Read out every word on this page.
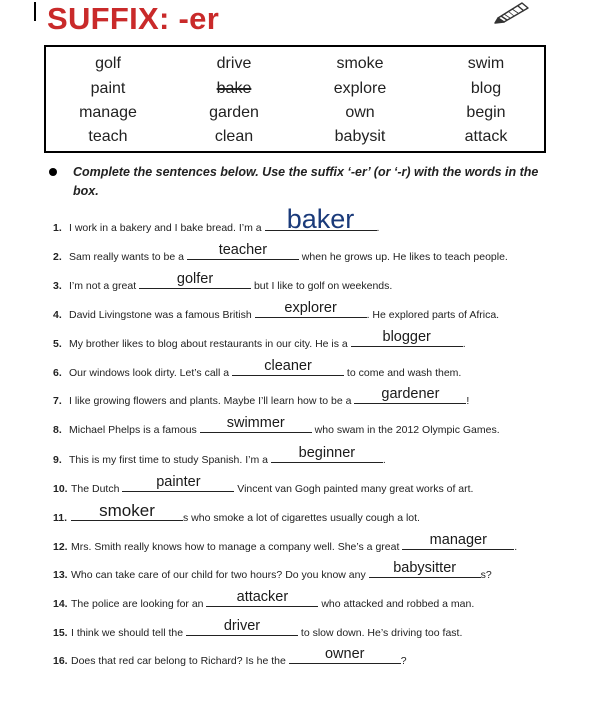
SUFFIX: -er
golf	drive	smoke	swim
paint	bake	explore	blog
manage	garden	own	begin
teach	clean	babysit	attack
Complete the sentences below. Use the suffix ‘-er’ (or ‘-r) with the words in the box.
1. I work in a bakery and I bake bread. I’m a baker	.
2. Sam really wants to be a	teacher	when he grows up. He likes to teach people.
3. I’m not a great	golfer	but I like to golf on weekends.
4. David Livingstone was a famous British	explorer	. He explored parts of Africa.
5. My brother likes to blog about restaurants in our city. He is a	blogger	.
6. Our windows look dirty. Let’s call a	cleaner	to come and wash them.
7. I like growing flowers and plants. Maybe I’ll learn how to be a	gardener	!
8. Michael Phelps is a famous	swimmer	who swam in the 2012 Olympic Games.
9. This is my first time to study Spanish. I’m a	beginner	.
10. The Dutch	painter	Vincent van Gogh painted many great works of art.
11.	smoker	s who smoke a lot of cigarettes usually cough a lot.
12. Mrs. Smith really knows how to manage a company well. She’s a great	manager	.
13. Who can take care of our child for two hours? Do you know any	babysitter	s?
14. The police are looking for an	attacker	who attacked and robbed a man.
15. I think we should tell the	driver	to slow down. He’s driving too fast.
16. Does that red car belong to Richard? Is he the	owner	?
